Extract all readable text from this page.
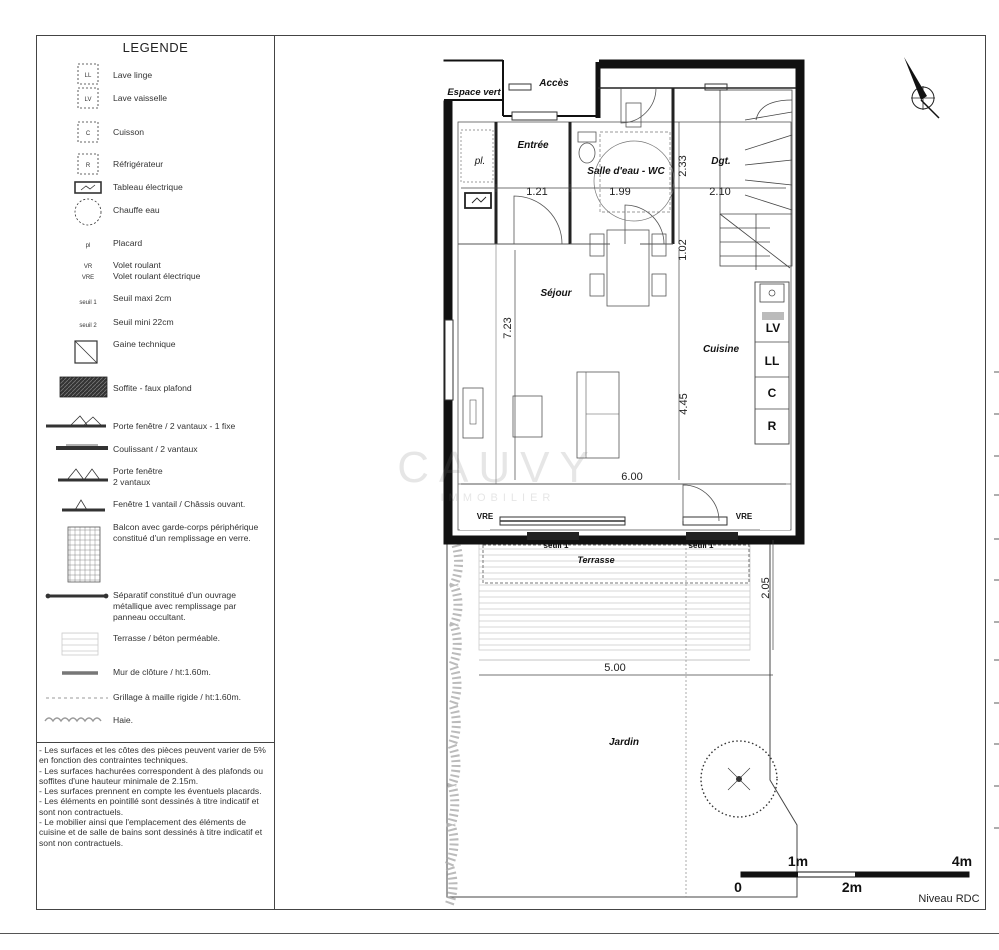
LEGENDE
- Les surfaces et les côtes des pièces peuvent varier de 5% en fonction des contraintes techniques.
- Les surfaces hachurées correspondent à des plafonds ou soffites d'une hauteur minimale de 2.15m.
- Les surfaces prennent en compte les éventuels placards.
- Les éléments en pointillé sont dessinés à titre indicatif et sont non contractuels.
- Le mobilier ainsi que l'emplacement des éléments de cuisine et de salle de bains sont dessinés à titre indicatif et sont non contractuels.
Lave linge
Lave vaisselle
Cuisson
Réfrigérateur
Tableau électrique
Chauffe eau
Placard
Volet roulant
Volet roulant électrique
Seuil maxi 2cm
Seuil mini 22cm
Gaine technique
Soffite - faux plafond
Porte fenêtre / 2 vantaux - 1 fixe
Coulissant / 2 vantaux
Porte fenêtre
2 vantaux
Fenêtre 1 vantail / Châssis ouvant.
Balcon avec garde-corps périphérique
constitué d'un remplissage en verre.
Séparatif constitué d'un ouvrage
métallique avec remplissage par
panneau occultant.
Terrasse / béton perméable.
Mur de clôture / ht:1.60m.
Grillage à maille rigide / ht:1.60m.
Haie.
LL
LV
C
R
pl
VR
VRE
seuil 1
seuil 2
Espace vert
Accès
Entrée
pl.
Salle d'eau - WC
Dgt.
Séjour
Cuisine
Terrasse
Jardin
1.21	1.99	2.10
2.33
1.02
7.23
4.45
6.00
2.05
5.00
LV
LL
C
R
VRE	VRE
seuil 1	seuil 1
CAUVY
IMMOBILIER
1m	4m
0	2m
Niveau RDC
